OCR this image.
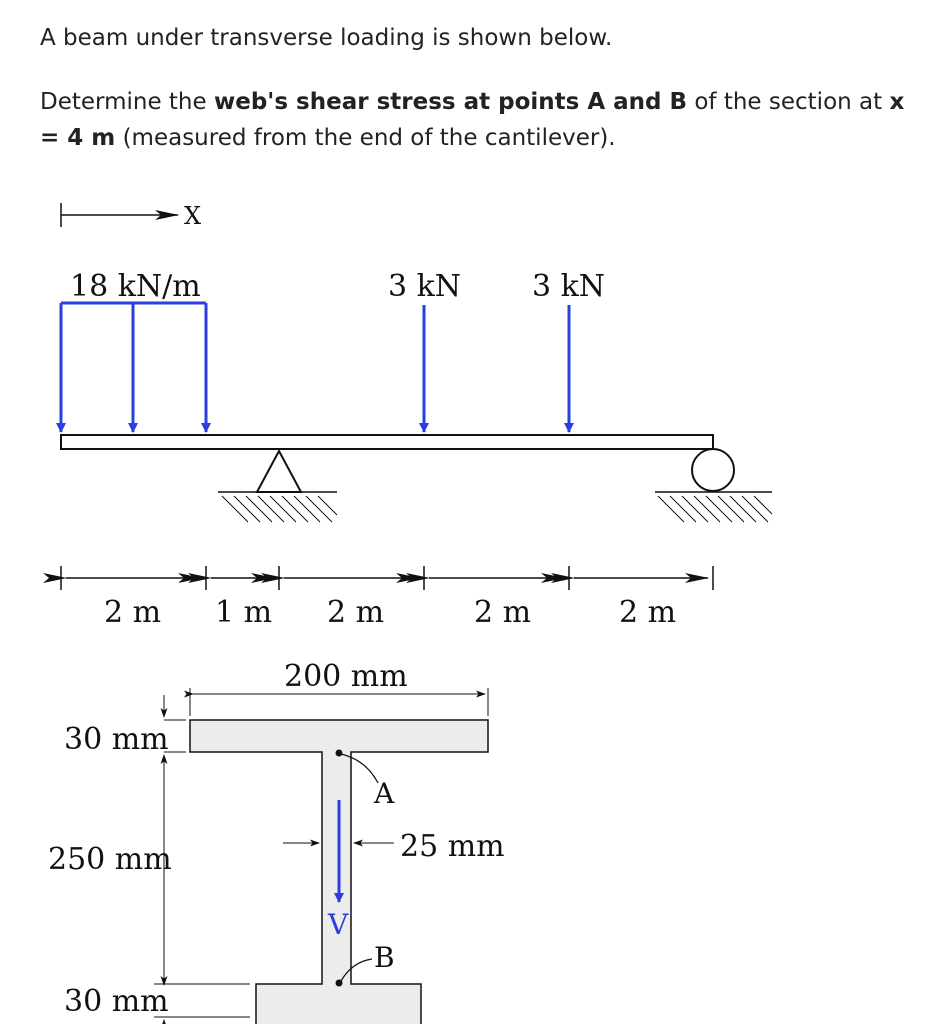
A beam under transverse loading is shown below.
Determine the web's shear stress at points A and B of the section at x = 4 m (measured from the end of the cantilever).
X
18 kN/m	3 kN 3 kN
2 m 1 m 2 m	2 m	2 m
200 mm
30 mm
250 mm
30 mm
25 mm
A
B
V
